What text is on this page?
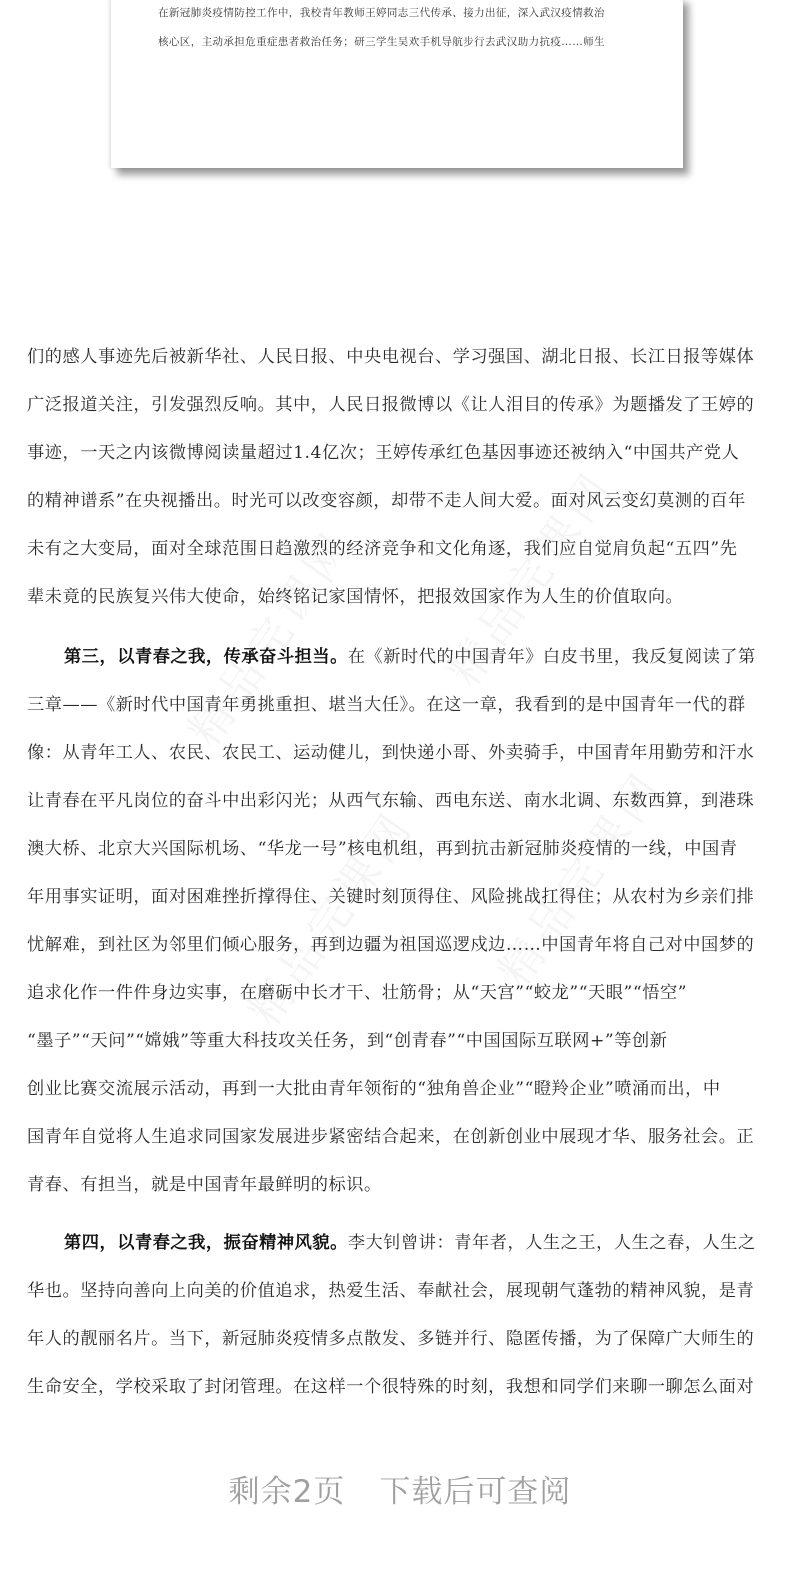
在新冠肺炎疫情防控工作中，我校青年教师王婷同志三代传承、接力出征，深入武汉疫情救治
核心区，主动承担危重症患者救治任务；研三学生吴欢手机导航步行去武汉助力抗疫……师生
们的感人事迹先后被新华社、人民日报、中央电视台、学习强国、湖北日报、长江日报等媒体
广泛报道关注，引发强烈反响。其中，人民日报微博以《让人泪目的传承》为题播发了王婷的
事迹，一天之内该微博阅读量超过1.4亿次；王婷传承红色基因事迹还被纳入“中国共产党人
的精神谱系”在央视播出。时光可以改变容颜，却带不走人间大爱。面对风云变幻莫测的百年
未有之大变局，面对全球范围日趋激烈的经济竞争和文化角逐，我们应自觉肩负起“五四”先
辈未竟的民族复兴伟大使命，始终铭记家国情怀，把报效国家作为人生的价值取向。
第三，以青春之我，传承奋斗担当。在《新时代的中国青年》白皮书里，我反复阅读了第
三章——《新时代中国青年勇挑重担、堪当大任》。在这一章，我看到的是中国青年一代的群
像：从青年工人、农民、农民工、运动健儿，到快递小哥、外卖骑手，中国青年用勤劳和汗水
让青春在平凡岗位的奋斗中出彩闪光；从西气东输、西电东送、南水北调、东数西算，到港珠
澳大桥、北京大兴国际机场、“华龙一号”核电机组，再到抗击新冠肺炎疫情的一线，中国青
年用事实证明，面对困难挫折撑得住、关键时刻顶得住、风险挑战扛得住；从农村为乡亲们排
忧解难，到社区为邻里们倾心服务，再到边疆为祖国巡逻戍边……中国青年将自己对中国梦的
追求化作一件件身边实事，在磨砺中长才干、壮筋骨；从“天宫”“蛟龙”“天眼”“悟空”
“墨子”“天问”“嫦娥”等重大科技攻关任务，到“创青春”“中国国际互联网+”等创新
创业比赛交流展示活动，再到一大批由青年领衔的“独角兽企业”“瞪羚企业”喷涌而出，中
国青年自觉将人生追求同国家发展进步紧密结合起来，在创新创业中展现才华、服务社会。正
青春、有担当，就是中国青年最鲜明的标识。
第四，以青春之我，振奋精神风貌。李大钊曾讲：青年者，人生之王，人生之春，人生之
华也。坚持向善向上向美的价值追求，热爱生活、奉献社会，展现朝气蓬勃的精神风貌，是青
年人的靓丽名片。当下，新冠肺炎疫情多点散发、多链并行、隐匿传播，为了保障广大师生的
生命安全，学校采取了封闭管理。在这样一个很特殊的时刻，我想和同学们来聊一聊怎么面对
剩余2页 下载后可查阅
